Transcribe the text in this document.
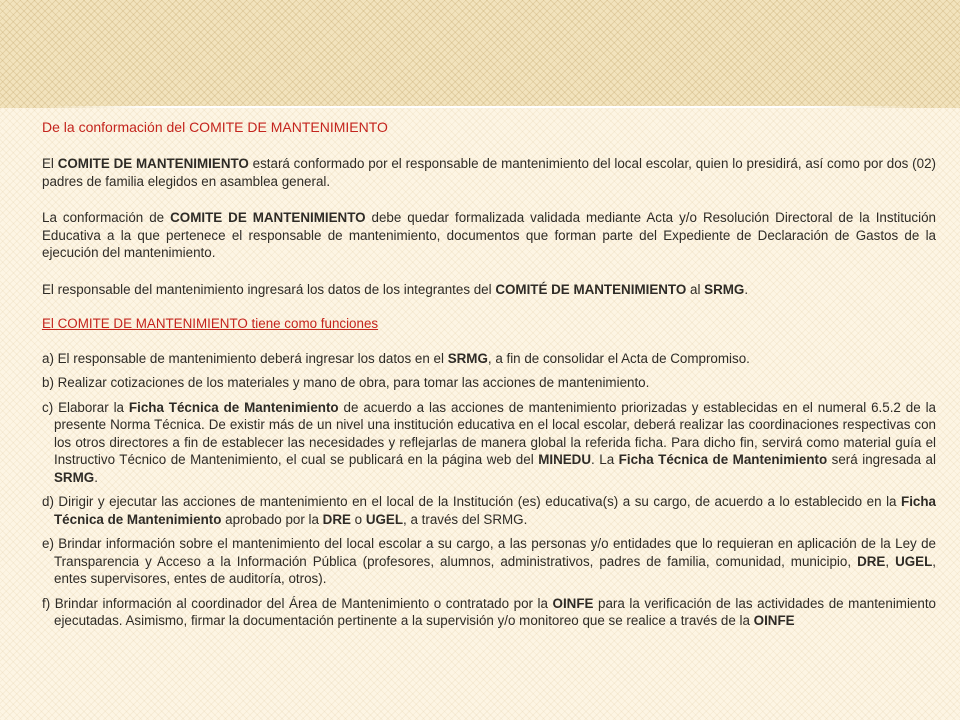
De la conformación del COMITE DE MANTENIMIENTO

El COMITE DE MANTENIMIENTO estará conformado por el responsable de mantenimiento del local escolar, quien lo presidirá, así como por dos (02) padres de familia elegidos en asamblea general.

La conformación de COMITE DE MANTENIMIENTO debe quedar formalizada validada mediante Acta y/o Resolución Directoral de la Institución Educativa a la que pertenece el responsable de mantenimiento, documentos que forman parte del Expediente de Declaración de Gastos de la ejecución del mantenimiento.

El responsable del mantenimiento ingresará los datos de los integrantes del COMITÉ DE MANTENIMIENTO al SRMG.

El COMITE DE MANTENIMIENTO tiene como funciones

a) El responsable de mantenimiento deberá ingresar los datos en el SRMG, a fin de consolidar el Acta de Compromiso.

b) Realizar cotizaciones de los materiales y mano de obra, para tomar las acciones de mantenimiento.

c) Elaborar la Ficha Técnica de Mantenimiento de acuerdo a las acciones de mantenimiento priorizadas y establecidas en el numeral 6.5.2 de la presente Norma Técnica. De existir más de un nivel una institución educativa en el local escolar, deberá realizar las coordinaciones respectivas con los otros directores a fin de establecer las necesidades y reflejarlas de manera global la referida ficha. Para dicho fin, servirá como material guía el Instructivo Técnico de Mantenimiento, el cual se publicará en la página web del MINEDU. La Ficha Técnica de Mantenimiento será ingresada al SRMG.

d) Dirigir y ejecutar las acciones de mantenimiento en el local de la Institución (es) educativa(s) a su cargo, de acuerdo a lo establecido en la Ficha Técnica de Mantenimiento aprobado por la DRE o UGEL, a través del SRMG.

e) Brindar información sobre el mantenimiento del local escolar a su cargo, a las personas y/o entidades que lo requieran en aplicación de la Ley de Transparencia y Acceso a la Información Pública (profesores, alumnos, administrativos, padres de familia, comunidad, municipio, DRE, UGEL, entes supervisores, entes de auditoría, otros).

f) Brindar información al coordinador del Área de Mantenimiento o contratado por la OINFE para la verificación de las actividades de mantenimiento ejecutadas. Asimismo, firmar la documentación pertinente a la supervisión y/o monitoreo que se realice a través de la OINFE
